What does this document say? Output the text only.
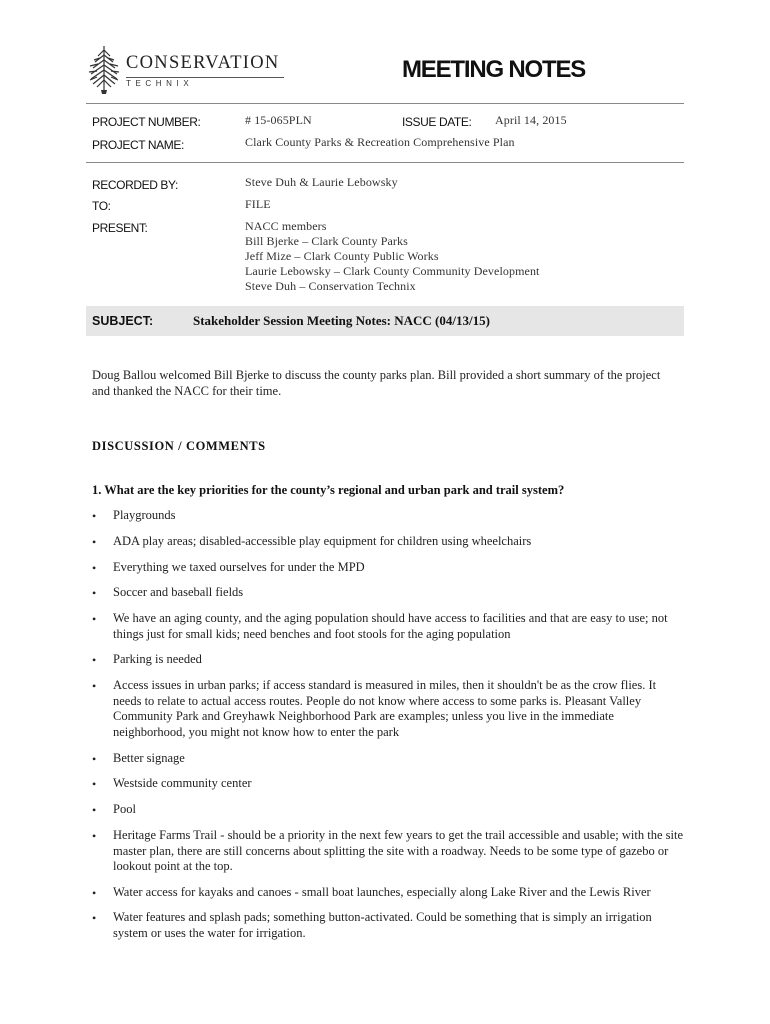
CONSERVATION
TECHNIX
MEETING NOTES
PROJECT NUMBER:	# 15-065PLN	ISSUE DATE: April 14, 2015
PROJECT NAME:	Clark County Parks & Recreation Comprehensive Plan
RECORDED BY:	Steve Duh & Laurie Lebowsky
TO:	FILE
PRESENT:	NACC members
Bill Bjerke – Clark County Parks
Jeff Mize – Clark County Public Works
Laurie Lebowsky – Clark County Community Development
Steve Duh – Conservation Technix
SUBJECT:	Stakeholder Session Meeting Notes: NACC (04/13/15)
Doug Ballou welcomed Bill Bjerke to discuss the county parks plan. Bill provided a short summary of the project and thanked the NACC for their time.
DISCUSSION / COMMENTS
1. What are the key priorities for the county’s regional and urban park and trail system?
• Playgrounds
• ADA play areas; disabled-accessible play equipment for children using wheelchairs
• Everything we taxed ourselves for under the MPD
• Soccer and baseball fields
• We have an aging county, and the aging population should have access to facilities and that are easy to use; not things just for small kids; need benches and foot stools for the aging population
• Parking is needed
• Access issues in urban parks; if access standard is measured in miles, then it shouldn't be as the crow flies. It needs to relate to actual access routes. People do not know where access to some parks is. Pleasant Valley Community Park and Greyhawk Neighborhood Park are examples; unless you live in the immediate neighborhood, you might not know how to enter the park
• Better signage
• Westside community center
• Pool
• Heritage Farms Trail - should be a priority in the next few years to get the trail accessible and usable; with the site master plan, there are still concerns about splitting the site with a roadway. Needs to be some type of gazebo or lookout point at the top.
• Water access for kayaks and canoes - small boat launches, especially along Lake River and the Lewis River
• Water features and splash pads; something button-activated. Could be something that is simply an irrigation system or uses the water for irrigation.
